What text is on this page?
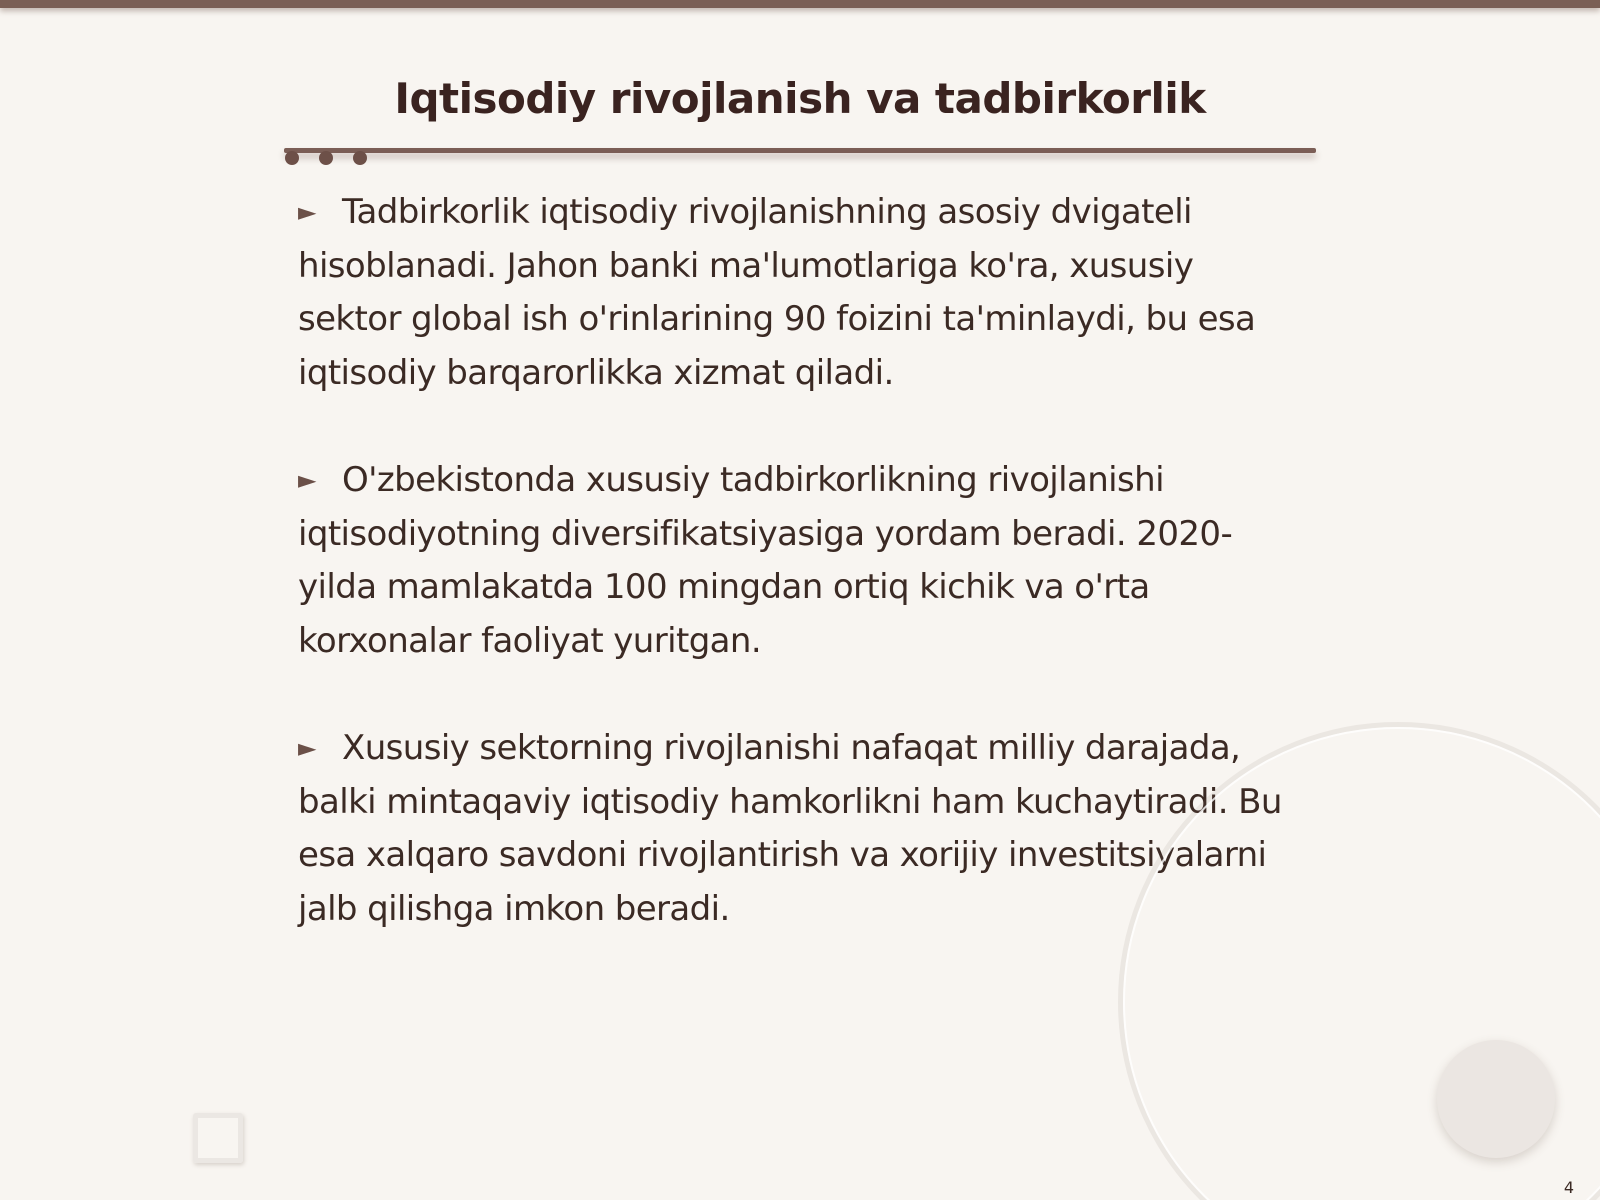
Iqtisodiy rivojlanish va tadbirkorlik

► Tadbirkorlik iqtisodiy rivojlanishning asosiy dvigateli hisoblanadi. Jahon banki ma'lumotlariga ko'ra, xususiy sektor global ish o'rinlarining 90 foizini ta'minlaydi, bu esa iqtisodiy barqarorlikka xizmat qiladi.

► O'zbekistonda xususiy tadbirkorlikning rivojlanishi iqtisodiyotning diversifikatsiyasiga yordam beradi. 2020-yilda mamlakatda 100 mingdan ortiq kichik va o'rta korxonalar faoliyat yuritgan.

► Xususiy sektorning rivojlanishi nafaqat milliy darajada, balki mintaqaviy iqtisodiy hamkorlikni ham kuchaytiradi. Bu esa xalqaro savdoni rivojlantirish va xorijiy investitsiyalarni jalb qilishga imkon beradi.

4
